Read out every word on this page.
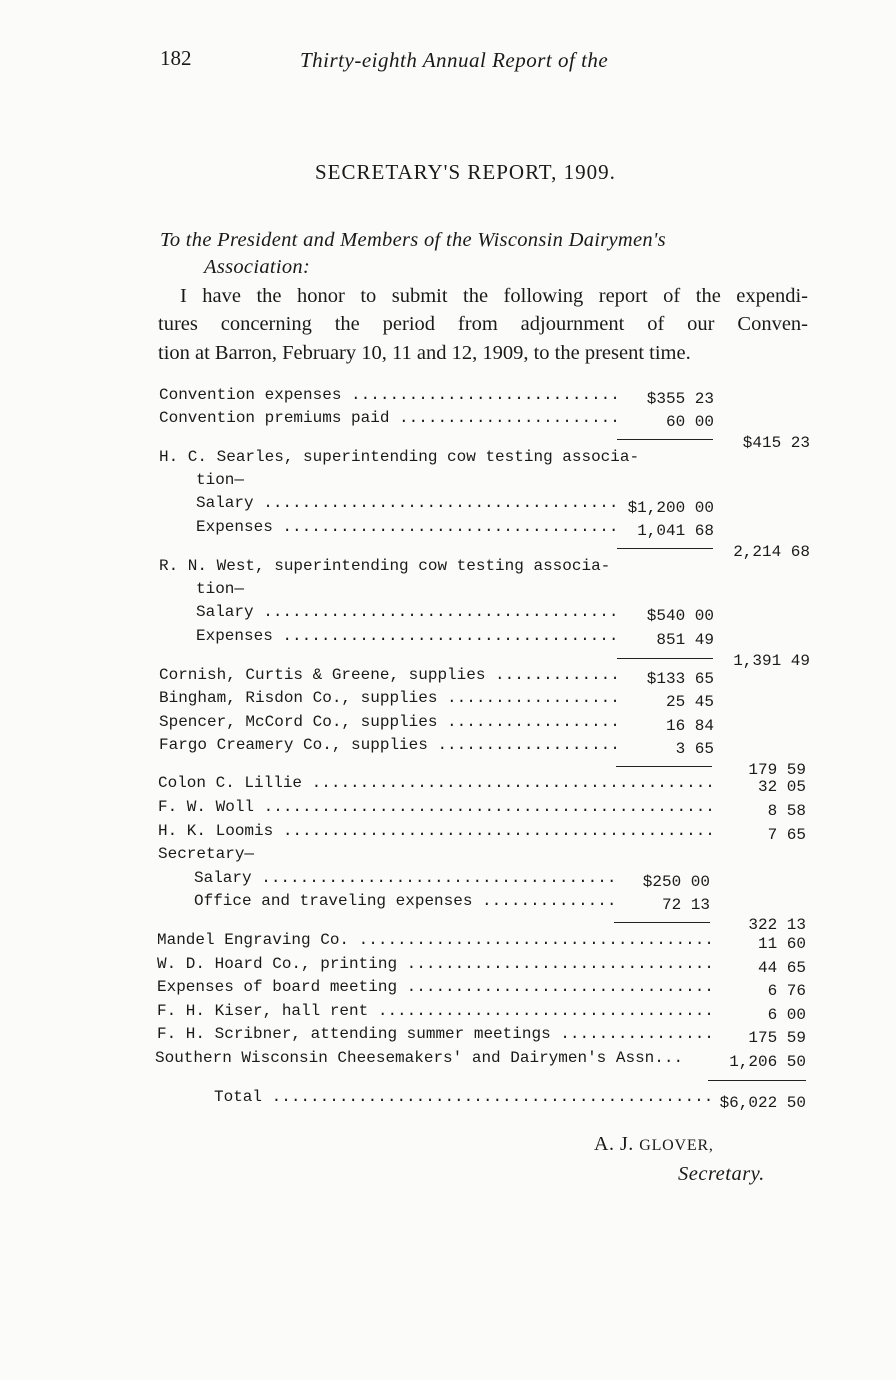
182	Thirty-eighth Annual Report of the
SECRETARY'S REPORT, 1909.
To the President and Members of the Wisconsin Dairymen's
Association:
I have the honor to submit the following report of the expendi-
tures concerning the period from adjournment of our Conven-
tion at Barron, February 10, 11 and 12, 1909, to the present time.
Convention expenses .....	$355 23
Convention premiums paid .....	60 00
$415 23
H. C. Searles, superintending cow testing associa-
tion—
Salary .....	$1,200 00
Expenses .....	1,041 68
2,214 68
R. N. West, superintending cow testing associa-
tion—
Salary .....	$540 00
Expenses .....	851 49
1,391 49
Cornish, Curtis & Greene, supplies .....	$133 65
Bingham, Risdon Co., supplies .....	25 45
Spencer, McCord Co., supplies .....	16 84
Fargo Creamery Co., supplies .....	3 65
179 59
Colon C. Lillie .....	32 05
F. W. Woll .....	8 58
H. K. Loomis .....	7 65
Secretary—
Salary .....	$250 00
Office and traveling expenses .....	72 13
322 13
Mandel Engraving Co. .....	11 60
W. D. Hoard Co., printing .....	44 65
Expenses of board meeting .....	6 76
F. H. Kiser, hall rent .....	6 00
F. H. Scribner, attending summer meetings .....	175 59
Southern Wisconsin Cheesemakers' and Dairymen's Assn...	1,206 50
Total .....	$6,022 50
A. J. GLOVER,
Secretary.
